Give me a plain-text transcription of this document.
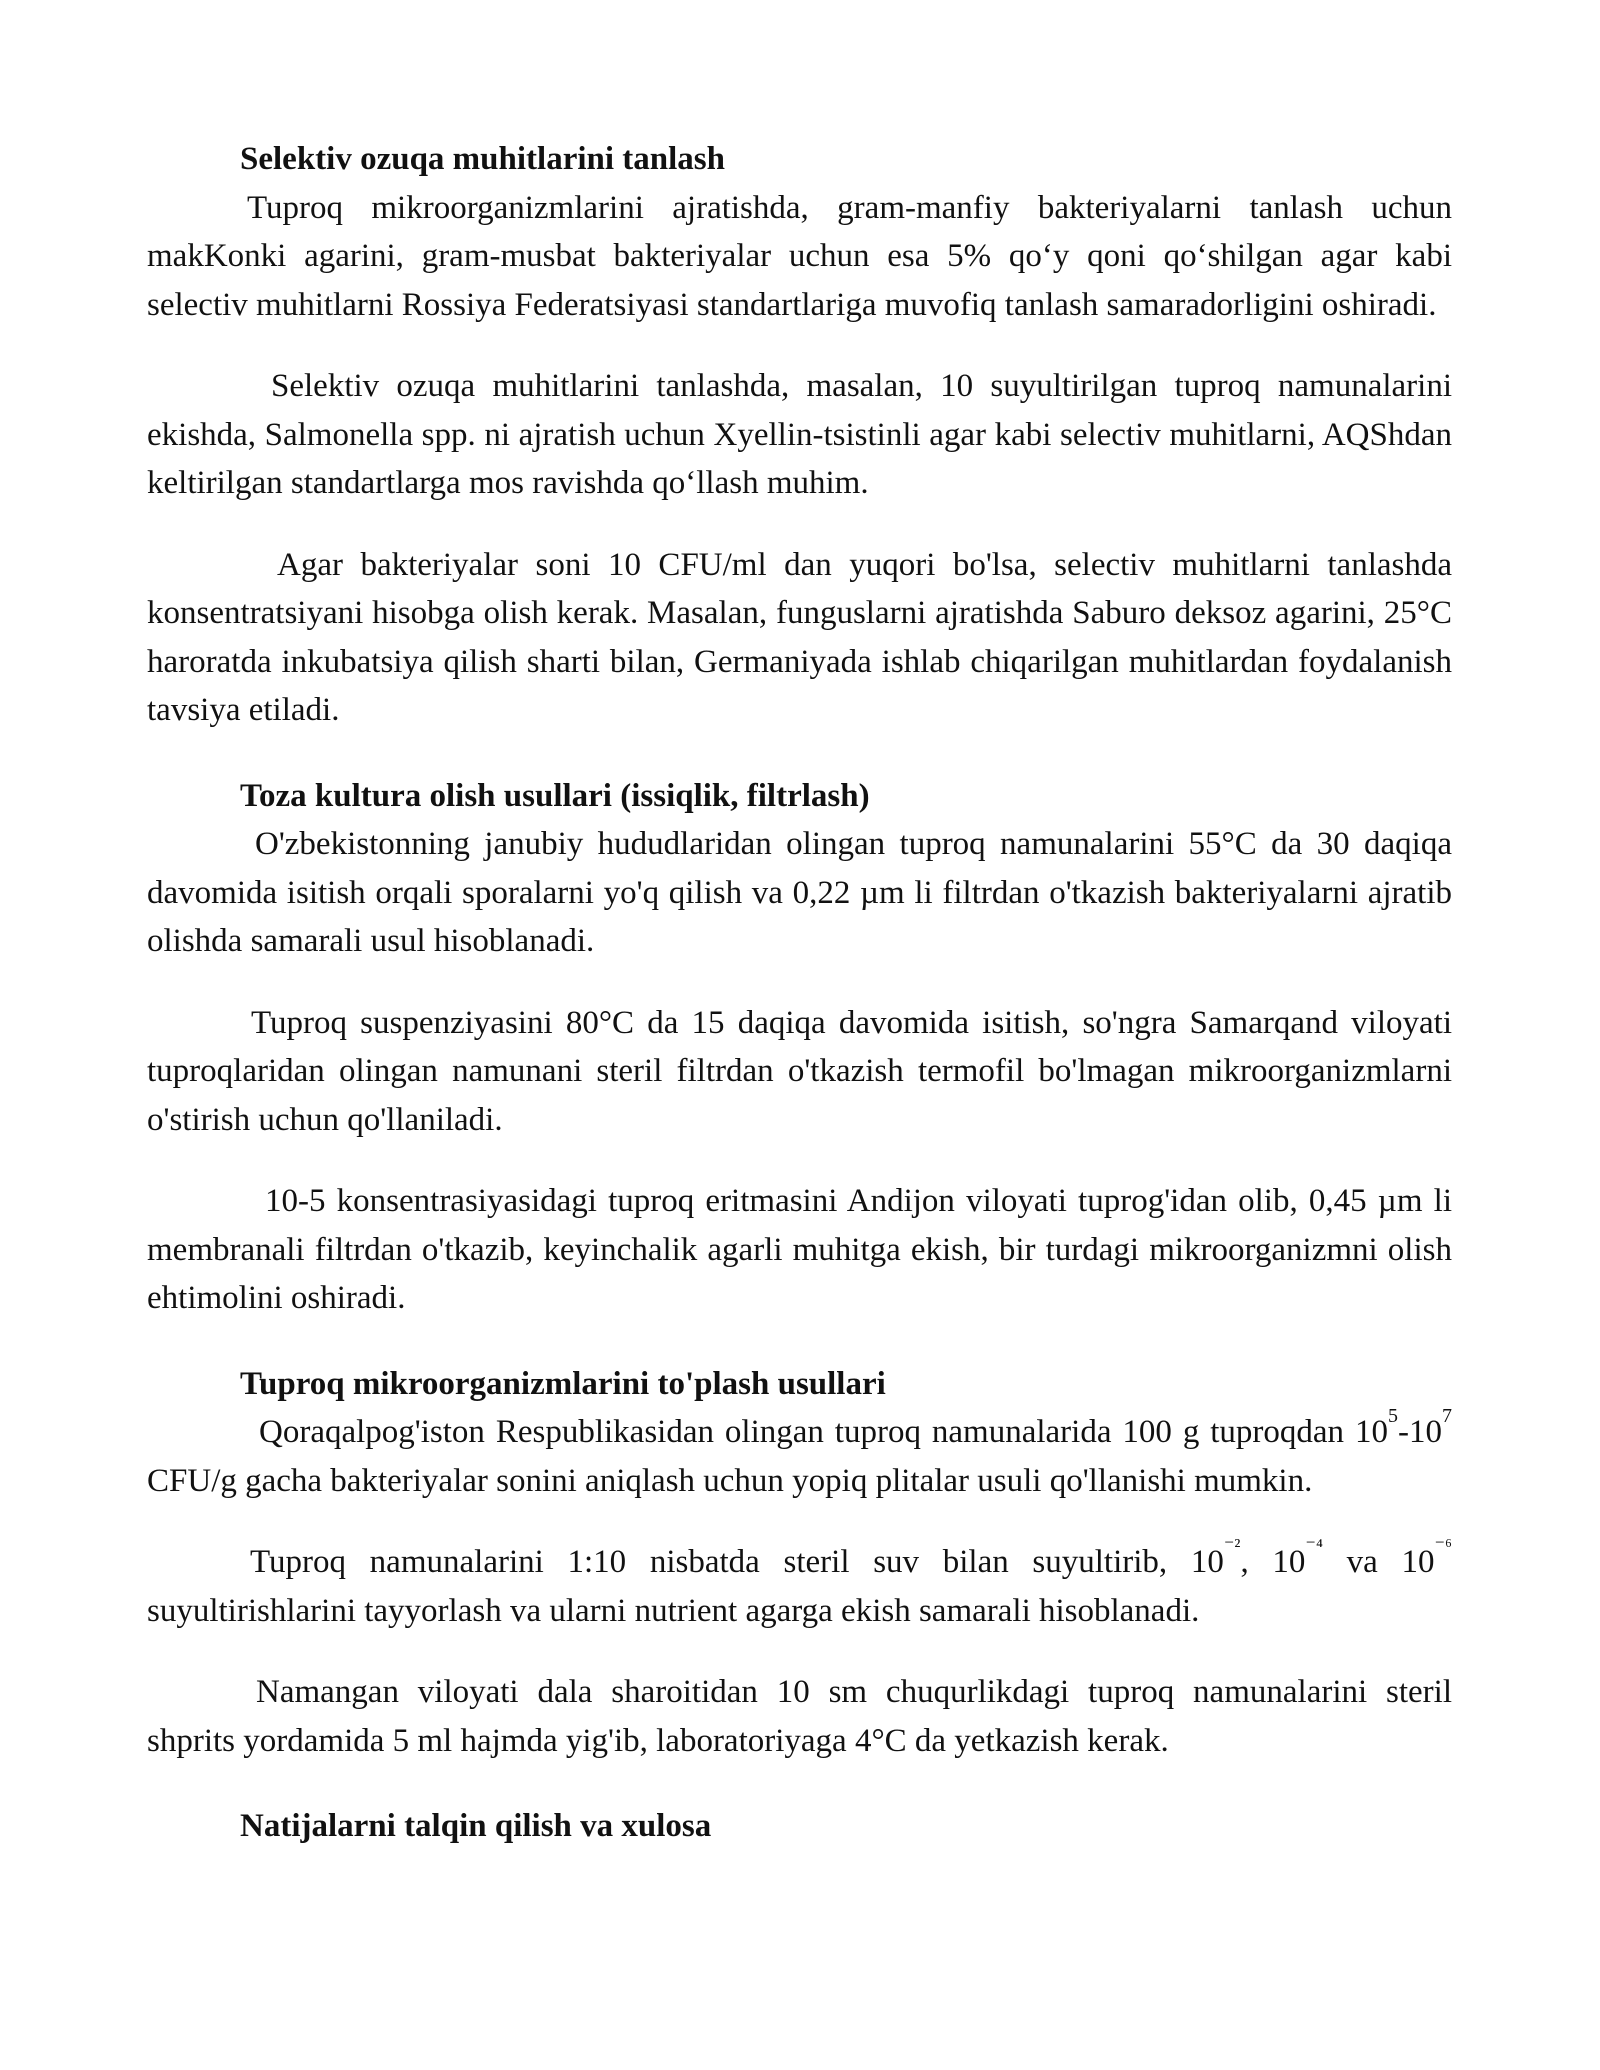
Selektiv ozuqa muhitlarini tanlash

Tuproq mikroorganizmlarini ajratishda, gram-manfiy bakteriyalarni tanlash uchun makKonki agarini, gram-musbat bakteriyalar uchun esa 5% qo‘y qoni qo‘shilgan agar kabi selectiv muhitlarni Rossiya Federatsiyasi standartlariga muvofiq tanlash samaradorligini oshiradi.

Selektiv ozuqa muhitlarini tanlashda, masalan, 10 suyultirilgan tuproq namunalarini ekishda, Salmonella spp. ni ajratish uchun Xyellin-tsistinli agar kabi selectiv muhitlarni, AQShdan keltirilgan standartlarga mos ravishda qo‘llash muhim.

Agar bakteriyalar soni 10 CFU/ml dan yuqori bo'lsa, selectiv muhitlarni tanlashda konsentratsiyani hisobga olish kerak. Masalan, funguslarni ajratishda Saburo deksoz agarini, 25°C haroratda inkubatsiya qilish sharti bilan, Germaniyada ishlab chiqarilgan muhitlardan foydalanish tavsiya etiladi.

Toza kultura olish usullari (issiqlik, filtrlash)

O'zbekistonning janubiy hududlaridan olingan tuproq namunalarini 55°C da 30 daqiqa davomida isitish orqali sporalarni yo'q qilish va 0,22 µm li filtrdan o'tkazish bakteriyalarni ajratib olishda samarali usul hisoblanadi.

Tuproq suspenziyasini 80°C da 15 daqiqa davomida isitish, so'ngra Samarqand viloyati tuproqlaridan olingan namunani steril filtrdan o'tkazish termofil bo'lmagan mikroorganizmlarni o'stirish uchun qo'llaniladi.

10-5 konsentrasiyasidagi tuproq eritmasini Andijon viloyati tuprog'idan olib, 0,45 µm li membranali filtrdan o'tkazib, keyinchalik agarli muhitga ekish, bir turdagi mikroorganizmni olish ehtimolini oshiradi.

Tuproq mikroorganizmlarini to'plash usullari

Qoraqalpog'iston Respublikasidan olingan tuproq namunalarida 100 g tuproqdan $10^5-10^7$ CFU/g gacha bakteriyalar sonini aniqlash uchun yopiq plitalar usuli qo'llanishi mumkin.

Tuproq namunalarini 1:10 nisbatda steril suv bilan suyultirib, $10^{^{-2}}$, $10^{^{-4}}$ va $10^{^{-6}}$ suyultirishlarini tayyorlash va ularni nutrient agarga ekish samarali hisoblanadi.

Namangan viloyati dala sharoitidan 10 sm chuqurlikdagi tuproq namunalarini steril shprits yordamida 5 ml hajmda yig'ib, laboratoriyaga 4°C da yetkazish kerak.

Natijalarni talqin qilish va xulosa
